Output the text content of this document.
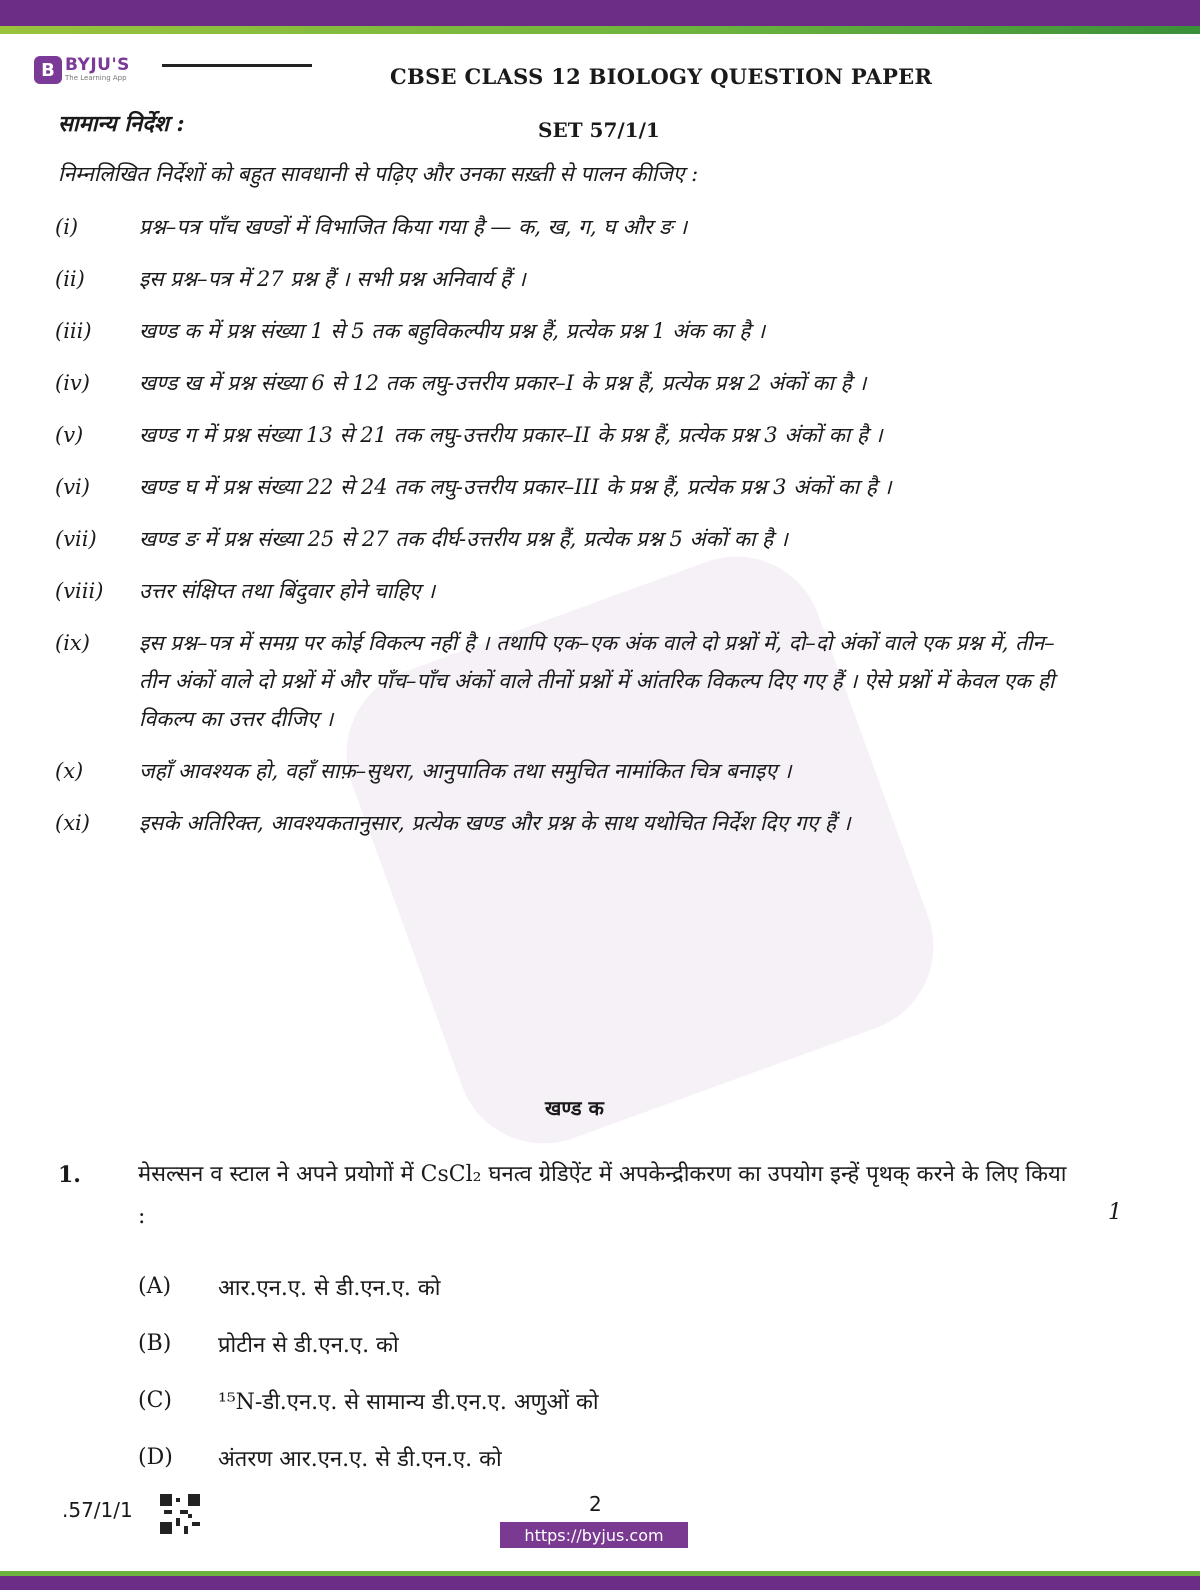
B BYJU'S
The Learning App	CBSE CLASS 12 BIOLOGY QUESTION PAPER
सामान्य निर्देश :	SET 57/1/1
निम्नलिखित निर्देशों को बहुत सावधानी से पढ़िए और उनका सख़्ती से पालन कीजिए :
(i)	प्रश्न–पत्र पाँच खण्डों में विभाजित किया गया है — क, ख, ग, घ और ङ ।
(ii)	इस प्रश्न–पत्र में 27 प्रश्न हैं । सभी प्रश्न अनिवार्य हैं ।
(iii)	खण्ड क में प्रश्न संख्या 1 से 5 तक बहुविकल्पीय प्रश्न हैं, प्रत्येक प्रश्न 1 अंक का है ।
(iv)	खण्ड ख में प्रश्न संख्या 6 से 12 तक लघु-उत्तरीय प्रकार–I के प्रश्न हैं, प्रत्येक प्रश्न 2 अंकों का है ।
(v)	खण्ड ग में प्रश्न संख्या 13 से 21 तक लघु-उत्तरीय प्रकार–II के प्रश्न हैं, प्रत्येक प्रश्न 3 अंकों का है ।
(vi)	खण्ड घ में प्रश्न संख्या 22 से 24 तक लघु-उत्तरीय प्रकार–III के प्रश्न हैं, प्रत्येक प्रश्न 3 अंकों का है ।
(vii)	खण्ड ङ में प्रश्न संख्या 25 से 27 तक दीर्घ-उत्तरीय प्रश्न हैं, प्रत्येक प्रश्न 5 अंकों का है ।
(viii)	उत्तर संक्षिप्त तथा बिंदुवार होने चाहिए ।
(ix)	इस प्रश्न–पत्र में समग्र पर कोई विकल्प नहीं है । तथापि एक–एक अंक वाले दो प्रश्नों में, दो–दो अंकों वाले एक प्रश्न में, तीन–तीन अंकों वाले दो प्रश्नों में और पाँच–पाँच अंकों वाले तीनों प्रश्नों में आंतरिक विकल्प दिए गए हैं । ऐसे प्रश्नों में केवल एक ही विकल्प का उत्तर दीजिए ।
(x)	जहाँ आवश्यक हो, वहाँ साफ़–सुथरा, आनुपातिक तथा समुचित नामांकित चित्र बनाइए ।
(xi)	इसके अतिरिक्त, आवश्यकतानुसार, प्रत्येक खण्ड और प्रश्न के साथ यथोचित निर्देश दिए गए हैं ।
खण्ड क
1.	मेसल्सन व स्टाल ने अपने प्रयोगों में CsCl₂ घनत्व ग्रेडिऐंट में अपकेन्द्रीकरण का उपयोग इन्हें पृथक् करने के लिए किया :	1
(A)	आर.एन.ए. से डी.एन.ए. को
(B)	प्रोटीन से डी.एन.ए. को
(C)	¹⁵N-डी.एन.ए. से सामान्य डी.एन.ए. अणुओं को
(D)	अंतरण आर.एन.ए. से डी.एन.ए. को
.57/1/1	2
https://byjus.com
